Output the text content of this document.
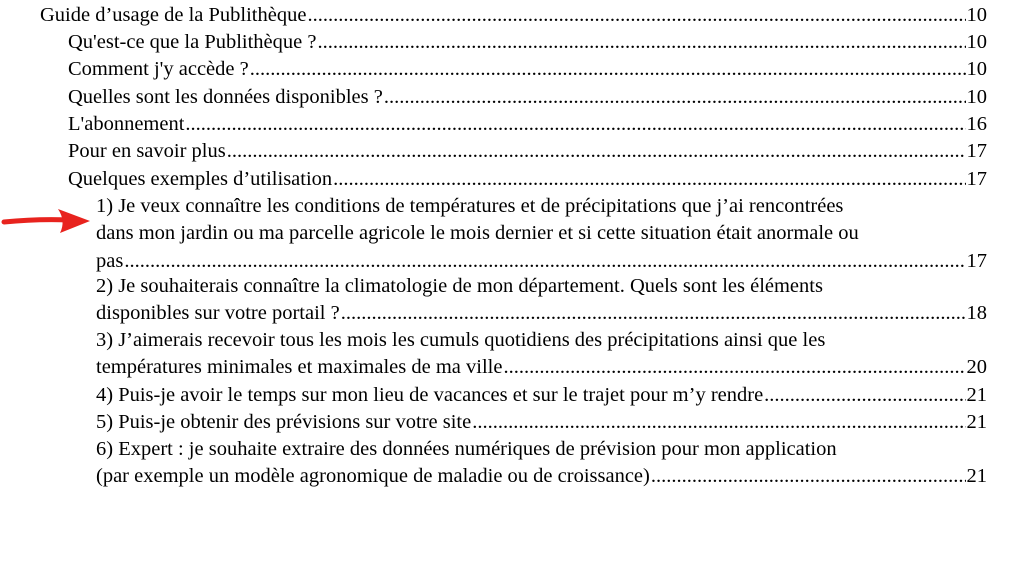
Guide d’usage de la Publithèque .....	10
Qu'est-ce que la Publithèque ? .....	10
Comment j'y accède ? .....	10
Quelles sont les données disponibles ? .....	10
L'abonnement .....	16
Pour en savoir plus .....	17
Quelques exemples d’utilisation .....	17
1) Je veux connaître les conditions de températures et de précipitations que j’ai rencontrées
dans mon jardin ou ma parcelle agricole le mois dernier et si cette situation était anormale ou
pas .....	17
2) Je souhaiterais connaître la climatologie de mon département. Quels sont les éléments
disponibles sur votre portail ? .....	18
3) J’aimerais recevoir tous les mois les cumuls quotidiens des précipitations ainsi que les
températures minimales et maximales de ma ville .....	20
4) Puis-je avoir le temps sur mon lieu de vacances et sur le trajet pour m’y rendre .....	21
5) Puis-je obtenir des prévisions sur votre site .....	21
6) Expert : je souhaite extraire des données numériques de prévision pour mon application
(par exemple un modèle agronomique de maladie ou de croissance) .....	21
